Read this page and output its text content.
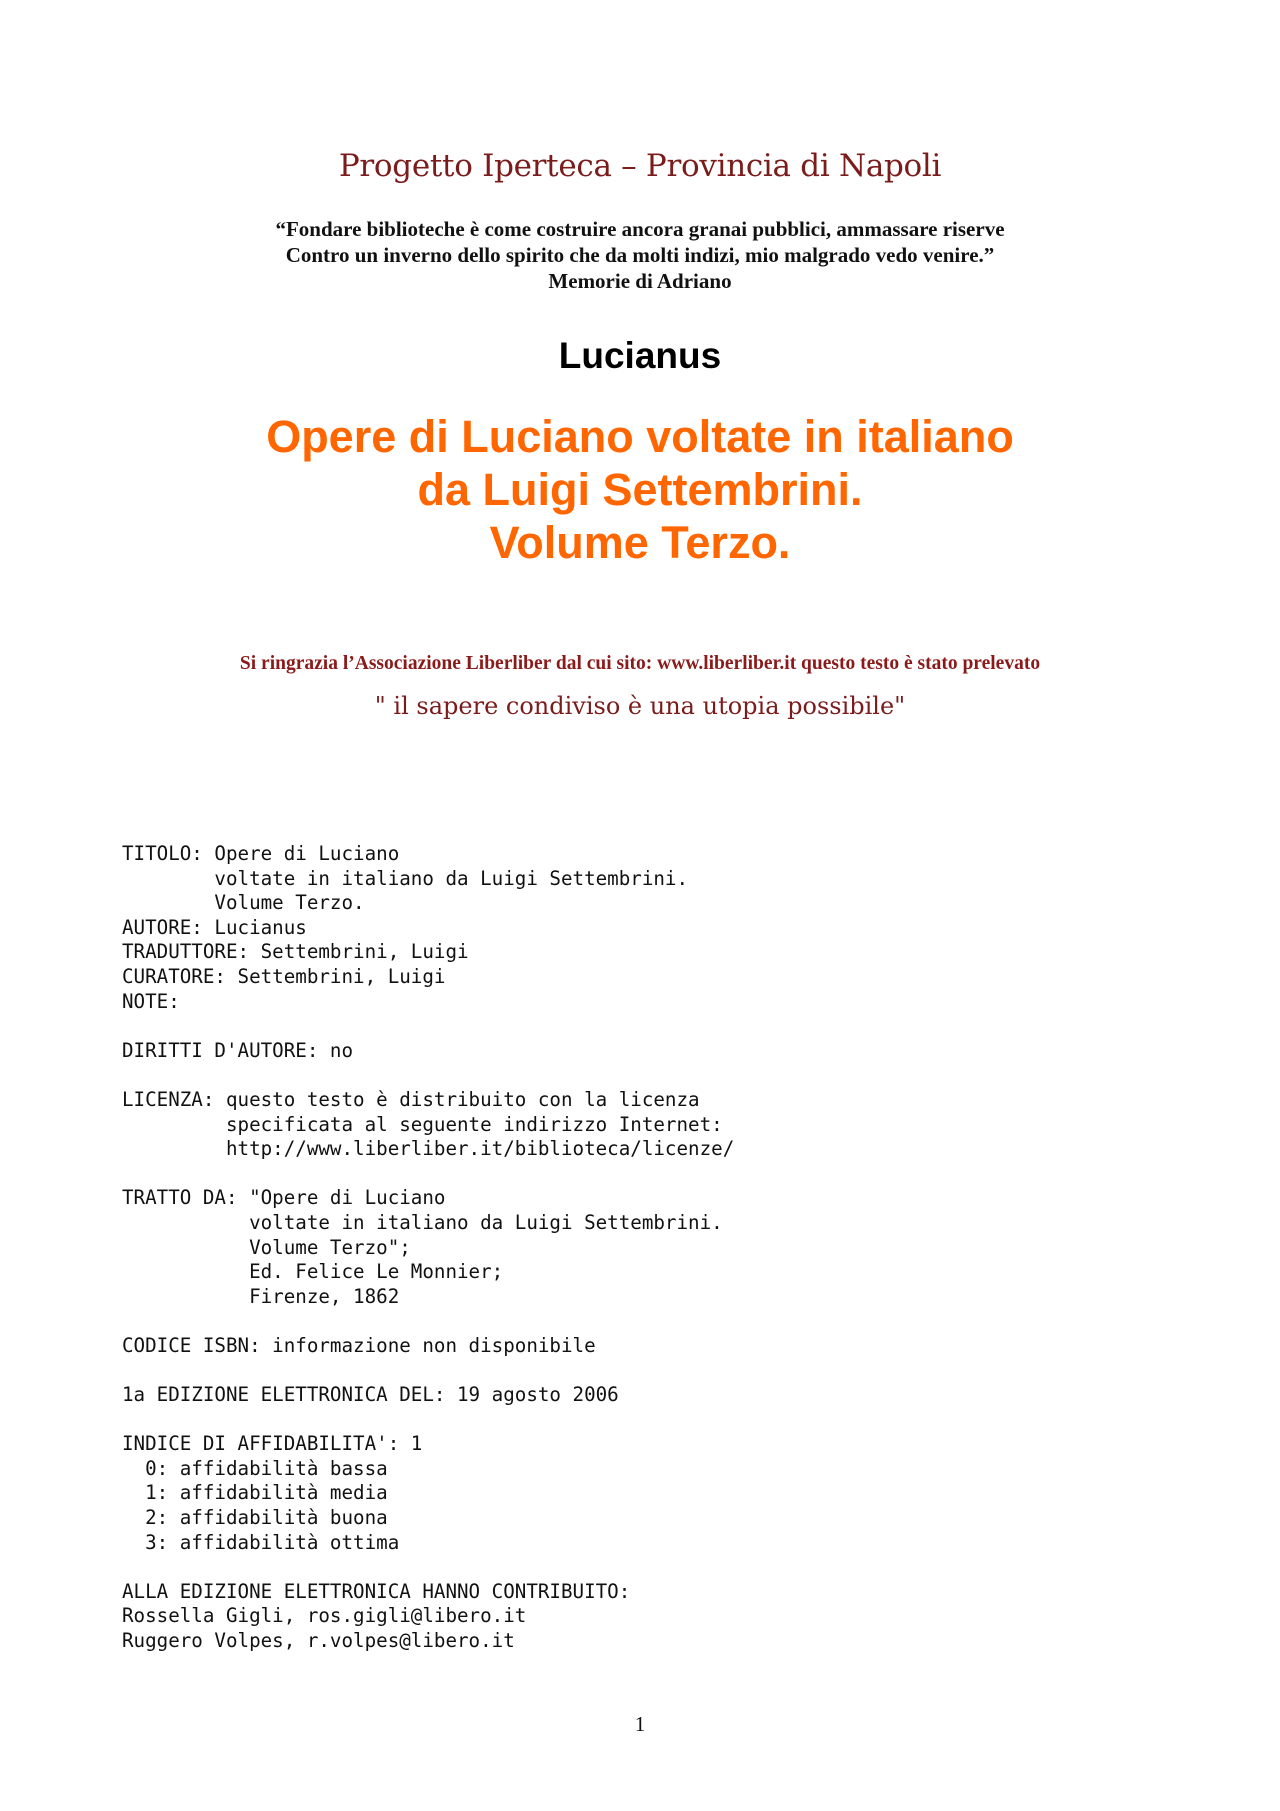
Progetto Iperteca – Provincia di Napoli
“Fondare biblioteche è come costruire ancora granai pubblici, ammassare riserve
Contro un inverno dello spirito che da molti indizi, mio malgrado vedo venire.”
Memorie di Adriano
Lucianus
Opere di Luciano voltate in italiano
da Luigi Settembrini.
Volume Terzo.
Si ringrazia l’Associazione Liberliber dal cui sito: www.liberliber.it questo testo è stato prelevato
" il sapere condiviso è una utopia possibile"
TITOLO: Opere di Luciano
voltate in italiano da Luigi Settembrini.
Volume Terzo.
AUTORE: Lucianus
TRADUTTORE: Settembrini, Luigi
CURATORE: Settembrini, Luigi
NOTE:

DIRITTI D'AUTORE: no

LICENZA: questo testo è distribuito con la licenza
specificata al seguente indirizzo Internet:
http://www.liberliber.it/biblioteca/licenze/

TRATTO DA: "Opere di Luciano
voltate in italiano da Luigi Settembrini.
Volume Terzo";
Ed. Felice Le Monnier;
Firenze, 1862

CODICE ISBN: informazione non disponibile

1a EDIZIONE ELETTRONICA DEL: 19 agosto 2006

INDICE DI AFFIDABILITA': 1
0: affidabilità bassa
1: affidabilità media
2: affidabilità buona
3: affidabilità ottima

ALLA EDIZIONE ELETTRONICA HANNO CONTRIBUITO:
Rossella Gigli, ros.gigli@libero.it
Ruggero Volpes, r.volpes@libero.it

1
